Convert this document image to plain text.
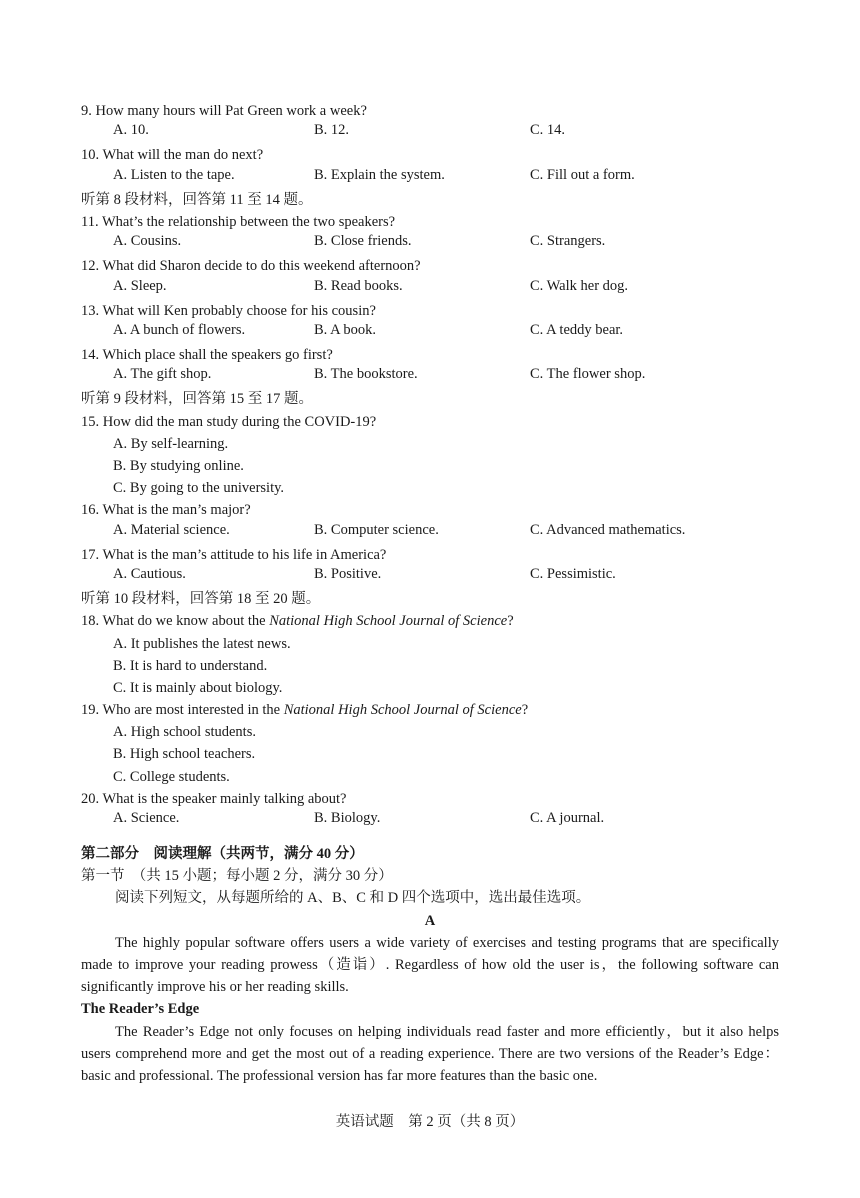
9. How many hours will Pat Green work a week?
A. 10.	B. 12.	C. 14.
10. What will the man do next?
A. Listen to the tape.	B. Explain the system.	C. Fill out a form.
听第 8 段材料，回答第 11 至 14 题。
11. What’s the relationship between the two speakers?
A. Cousins.	B. Close friends.	C. Strangers.
12. What did Sharon decide to do this weekend afternoon?
A. Sleep.	B. Read books.	C. Walk her dog.
13. What will Ken probably choose for his cousin?
A. A bunch of flowers.	B. A book.	C. A teddy bear.
14. Which place shall the speakers go first?
A. The gift shop.	B. The bookstore.	C. The flower shop.
听第 9 段材料，回答第 15 至 17 题。
15. How did the man study during the COVID-19?
A. By self-learning.
B. By studying online.
C. By going to the university.
16. What is the man’s major?
A. Material science.	B. Computer science.	C. Advanced mathematics.
17. What is the man’s attitude to his life in America?
A. Cautious.	B. Positive.	C. Pessimistic.
听第 10 段材料，回答第 18 至 20 题。
18. What do we know about the National High School Journal of Science?
A. It publishes the latest news.
B. It is hard to understand.
C. It is mainly about biology.
19. Who are most interested in the National High School Journal of Science?
A. High school students.
B. High school teachers.
C. College students.
20. What is the speaker mainly talking about?
A. Science.	B. Biology.	C. A journal.
第二部分　阅读理解（共两节，满分 40 分）
第一节　（共 15 小题；每小题 2 分，满分 30 分）
阅读下列短文，从每题所给的 A、B、C 和 D 四个选项中，选出最佳选项。
A

The highly popular software offers users a wide variety of exercises and testing programs that are specifically made to improve your reading prowess（造诣）. Regardless of how old the user is，the following software can significantly improve his or her reading skills.

The Reader’s Edge

The Reader’s Edge not only focuses on helping individuals read faster and more efficiently，but it also helps users comprehend more and get the most out of a reading experience. There are two versions of the Reader’s Edge：basic and professional. The professional version has far more features than the basic one.

英语试题　第 2 页（共 8 页）
